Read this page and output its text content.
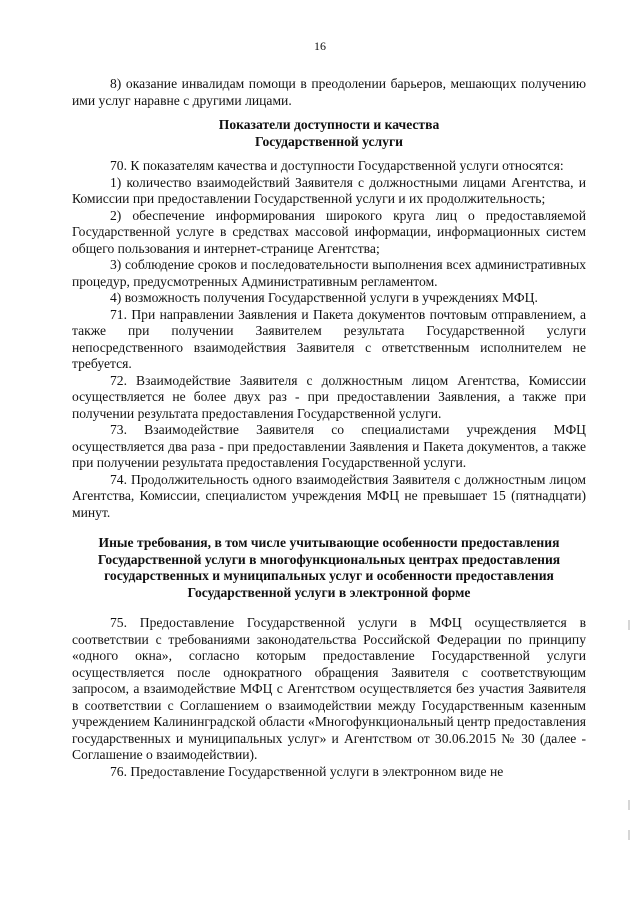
16

8) оказание инвалидам помощи в преодолении барьеров, мешающих получению ими услуг наравне с другими лицами.

Показатели доступности и качества
Государственной услуги

70. К показателям качества и доступности Государственной услуги относятся:

1) количество взаимодействий Заявителя с должностными лицами Агентства, и Комиссии при предоставлении Государственной услуги и их продолжительность;

2) обеспечение информирования широкого круга лиц о предоставляемой Государственной услуге в средствах массовой информации, информационных систем общего пользования и интернет-странице Агентства;

3) соблюдение сроков и последовательности выполнения всех административных процедур, предусмотренных Административным регламентом.

4) возможность получения Государственной услуги в учреждениях МФЦ.

71. При направлении Заявления и Пакета документов почтовым отправлением, а также при получении Заявителем результата Государственной услуги непосредственного взаимодействия Заявителя с ответственным исполнителем не требуется.

72. Взаимодействие Заявителя с должностным лицом Агентства, Комиссии осуществляется не более двух раз - при предоставлении Заявления, а также при получении результата предоставления Государственной услуги.

73. Взаимодействие Заявителя со специалистами учреждения МФЦ осуществляется два раза - при предоставлении Заявления и Пакета документов, а также при получении результата предоставления Государственной услуги.

74. Продолжительность одного взаимодействия Заявителя с должностным лицом Агентства, Комиссии, специалистом учреждения МФЦ не превышает 15 (пятнадцати) минут.

Иные требования, в том числе учитывающие особенности предоставления
Государственной услуги в многофункциональных центрах предоставления
государственных и муниципальных услуг и особенности предоставления
Государственной услуги в электронной форме

75. Предоставление Государственной услуги в МФЦ осуществляется в соответствии с требованиями законодательства Российской Федерации по принципу «одного окна», согласно которым предоставление Государственной услуги осуществляется после однократного обращения Заявителя с соответствующим запросом, а взаимодействие МФЦ с Агентством осуществляется без участия Заявителя в соответствии с Соглашением о взаимодействии между Государственным казенным учреждением Калининградской области «Многофункциональный центр предоставления государственных и муниципальных услуг» и Агентством от 30.06.2015 № 30 (далее - Соглашение о взаимодействии).

76. Предоставление Государственной услуги в электронном виде не
